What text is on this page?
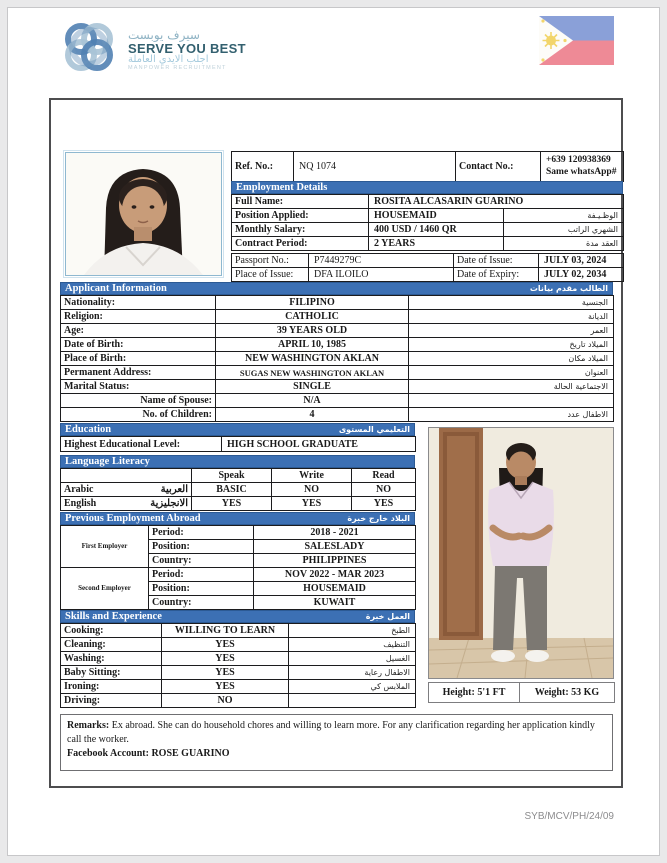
سيرف يوبست
SERVE YOU BEST
اجلب الايدي العاملة
MANPOWER RECRUITMENT
Ref. No.:	NQ 1074	Contact No.:	
+639 120938369
Same whatsApp#
Employment Details
Full Name:	ROSITA ALCASARIN GUARINO	
Position Applied:	HOUSEMAID	الوظـيـفة
Monthly Salary:	400 USD / 1460 QR	الشهري الراتب
Contract Period:	2 YEARS	العقد مدة
Passport No.:	P7449279C	Date of Issue:	JULY 03, 2024
Place of Issue:	DFA ILOILO	Date of Expiry:	JULY 02, 2034
Applicant Information	الطالب مقدم بيانات
Nationality:	FILIPINO	الجنسية
Religion:	CATHOLIC	الديانة
Age:	39 YEARS OLD	العمر
Date of Birth:	APRIL 10, 1985	الميلاد تاريخ
Place of Birth:	NEW WASHINGTON AKLAN	الميلاد مكان
Permanent Address:	SUGAS NEW WASHINGTON AKLAN	العنوان
Marital Status:	SINGLE	الاجتماعية الحالة
Name of Spouse:	N/A	
No. of Children:	4	الاطفال عدد
Education	التعليمي المستوى
Highest Educational Level:	HIGH SCHOOL GRADUATE
Language Literacy
	Speak	Write	Read

Arabic العربية	BASIC	NO	NO

English الانجليزية	YES	YES	YES
Previous Employment Abroad	البلاد خارج خبرة
First Employer	Period:	2018 - 2021
	Position:	SALESLADY
	Country:	PHILIPPINES
Second Employer	Period:	NOV 2022 - MAR 2023
	Position:	HOUSEMAID
	Country:	KUWAIT
Skills and Experience	العمل خبرة
Cooking:	WILLING TO LEARN	الطبخ
Cleaning:	YES	التنظيف
Washing:	YES	الغسيل
Baby Sitting:	YES	الاطفال رعاية
Ironing:	YES	الملابس كي
Driving:	NO	
Height: 5'1 FT	Weight: 53 KG
Remarks: Ex abroad. She can do household chores and willing to learn more. For any clarification regarding her application kindly call the worker.
Facebook Account: ROSE GUARINO
SYB/MCV/PH/24/09
